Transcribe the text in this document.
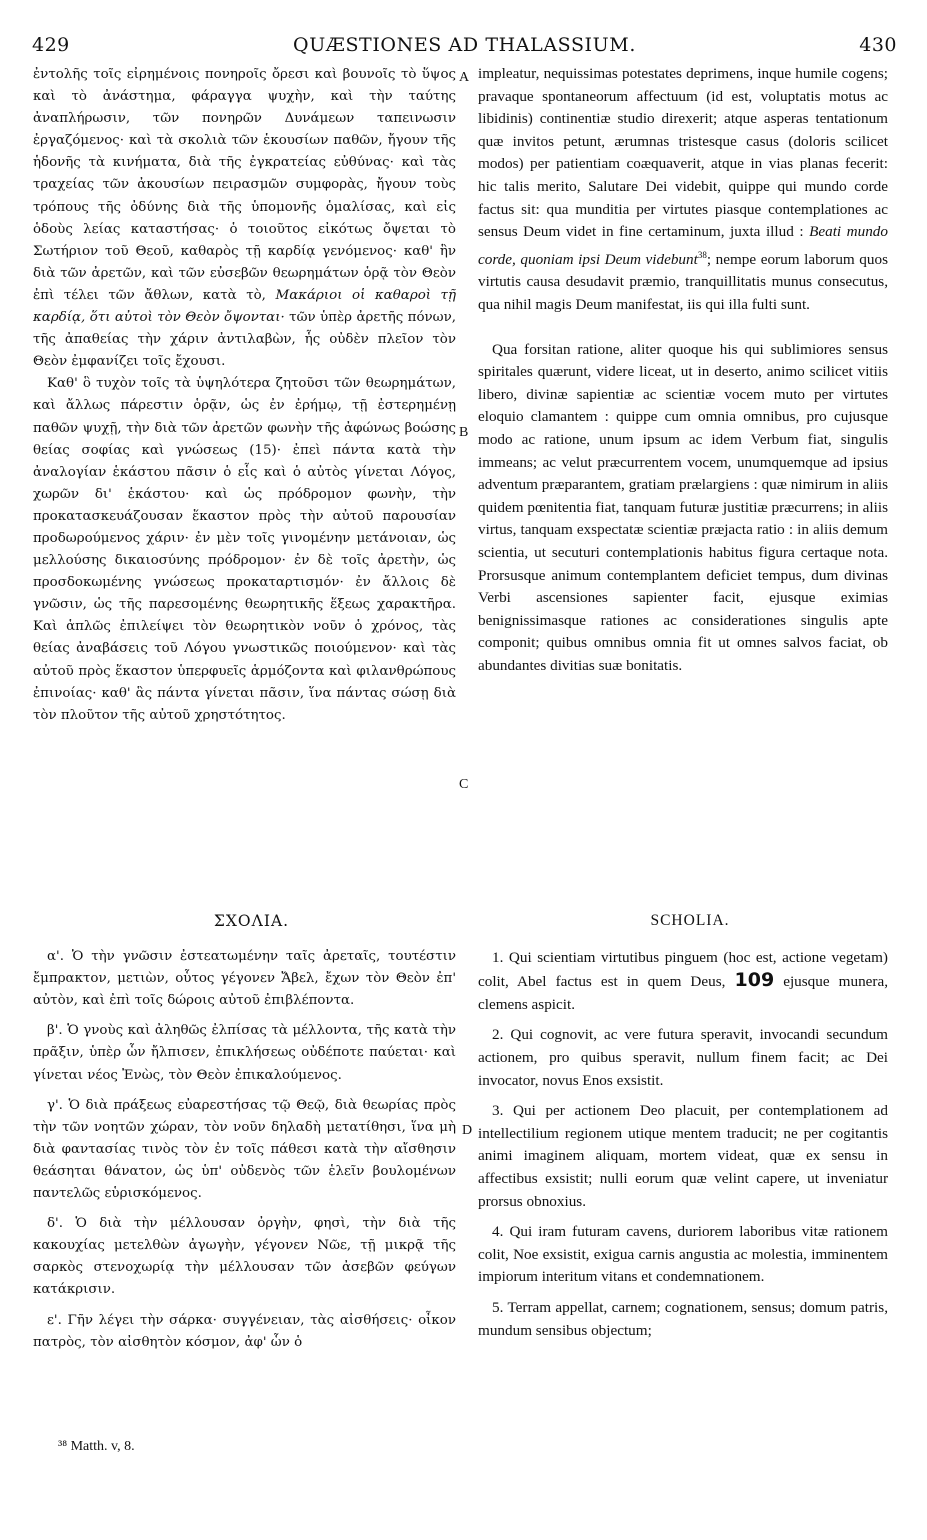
429	QUÆSTIONES AD THALASSIUM.	430

ἐντολῆς τοῖς εἰρημένοις πονηροῖς ὄρεσι καὶ βουνοῖς τὸ ὕψος καὶ τὸ ἀνάστημα, φάραγγα ψυχὴν, καὶ τὴν ταύτης ἀναπλήρωσιν, τῶν πονηρῶν Δυνάμεων ταπεινωσιν ἐργαζόμενος· καὶ τὰ σκολιὰ τῶν ἑκουσίων παθῶν, ἤγουν τῆς ἡδονῆς τὰ κινήματα, διὰ τῆς ἐγκρατείας εὐθύνας· καὶ τὰς τραχείας τῶν ἀκουσίων πειρασμῶν συμφορὰς, ἤγουν τοὺς τρόπους τῆς ὀδύνης διὰ τῆς ὑπομονῆς ὁμαλίσας, καὶ εἰς ὁδοὺς λείας καταστήσας· ὁ τοιοῦτος εἰκότως ὄψεται τὸ Σωτήριον τοῦ Θεοῦ, καθαρὸς τῇ καρδίᾳ γενόμενος· καθ' ἣν διὰ τῶν ἀρετῶν, καὶ τῶν εὐσεβῶν θεωρημάτων ὁρᾷ τὸν Θεὸν ἐπὶ τέλει τῶν ἄθλων, κατὰ τὸ, Μακάριοι οἱ καθαροὶ τῇ καρδίᾳ, ὅτι αὐτοὶ τὸν Θεὸν ὄψονται· τῶν ὑπὲρ ἀρετῆς πόνων, τῆς ἀπαθείας τὴν χάριν ἀντιλαβὼν, ἧς οὐδὲν πλεῖον τὸν Θεὸν ἐμφανίζει τοῖς ἔχουσι.

Καθ' ὃ τυχὸν τοῖς τὰ ὑψηλότερα ζητοῦσι τῶν θεωρημάτων, καὶ ἄλλως πάρεστιν ὁρᾷν, ὡς ἐν ἐρήμῳ, τῇ ἐστερημένῃ παθῶν ψυχῇ, τὴν διὰ τῶν ἀρετῶν φωνὴν τῆς ἀφώνως βοώσης θείας σοφίας καὶ γνώσεως (15)· ἐπεὶ πάντα κατὰ τὴν ἀναλογίαν ἑκάστου πᾶσιν ὁ εἷς καὶ ὁ αὐτὸς γίνεται Λόγος, χωρῶν δι' ἑκάστου· καὶ ὡς πρόδρομον φωνὴν, τὴν προκατασκευάζουσαν ἕκαστον πρὸς τὴν αὐτοῦ παρουσίαν προδωρούμενος χάριν· ἐν μὲν τοῖς γινομένην μετάνοιαν, ὡς μελλούσης δικαιοσύνης πρόδρομον· ἐν δὲ τοῖς ἀρετὴν, ὡς προσδοκωμένης γνώσεως προκαταρτισμόν· ἐν ἄλλοις δὲ γνῶσιν, ὡς τῆς παρεσομένης θεωρητικῆς ἕξεως χαρακτῆρα. Καὶ ἁπλῶς ἐπιλείψει τὸν θεωρητικὸν νοῦν ὁ χρόνος, τὰς θείας ἀναβάσεις τοῦ Λόγου γνωστικῶς ποιούμενον· καὶ τὰς αὐτοῦ πρὸς ἕκαστον ὑπερφυεῖς ἁρμόζοντα καὶ φιλανθρώπους ἐπινοίας· καθ' ἃς πάντα γίνεται πᾶσιν, ἵνα πάντας σώσῃ διὰ τὸν πλοῦτον τῆς αὐτοῦ χρηστότητος.

impleatur, nequissimas potestates deprimens, inque humile cogens; pravaque spontaneorum affectuum (id est, voluptatis motus ac libidinis) continentiæ studio direxerit; atque asperas tentationum quæ invitos petunt, ærumnas tristesque casus (doloris scilicet modos) per patientiam coæquaverit, atque in vias planas fecerit: hic talis merito, Salutare Dei videbit, quippe qui mundo corde factus sit: qua munditia per virtutes piasque contemplationes ac sensus Deum videt in fine certaminum, juxta illud : Beati mundo corde, quoniam ipsi Deum videbunt$^{38}$; nempe eorum laborum quos virtutis causa desudavit præmio, tranquillitatis munus consecutus, qua nihil magis Deum manifestat, iis qui illa fulti sunt.

Qua forsitan ratione, aliter quoque his qui sublimiores sensus spiritales quærunt, videre liceat, ut in deserto, animo scilicet vitiis libero, divinæ sapientiæ ac scientiæ vocem muto per virtutes eloquio clamantem : quippe cum omnia omnibus, pro cujusque modo ac ratione, unum ipsum ac idem Verbum fiat, singulis immeans; ac velut præcurrentem vocem, unumquemque ad ipsius adventum præparantem, gratiam prælargiens : quæ nimirum in aliis quidem pœnitentia fiat, tanquam futuræ justitiæ præcurrens; in aliis virtus, tanquam exspectatæ scientiæ præjacta ratio : in aliis demum scientia, ut secuturi contemplationis habitus figura certaque nota. Prorsusque animum contemplantem deficiet tempus, dum divinas Verbi ascensiones sapienter facit, ejusque eximias benignissimasque rationes ac considerationes singulis apte componit; quibus omnibus omnia fit ut omnes salvos faciat, ob abundantes divitias suæ bonitatis.

ΣΧΟΛΙΑ.

α'. Ὁ τὴν γνῶσιν ἐστεατωμένην ταῖς ἀρεταῖς, τουτέστιν ἔμπρακτον, μετιὼν, οὗτος γέγονεν Ἄβελ, ἔχων τὸν Θεὸν ἐπ' αὐτὸν, καὶ ἐπὶ τοῖς δώροις αὐτοῦ ἐπιβλέποντα.

β'. Ὁ γνοὺς καὶ ἀληθῶς ἐλπίσας τὰ μέλλοντα, τῆς κατὰ τὴν πρᾶξιν, ὑπὲρ ὧν ἤλπισεν, ἐπικλήσεως οὐδέποτε παύεται· καὶ γίνεται νέος Ἐνὼς, τὸν Θεὸν ἐπικαλούμενος.

γ'. Ὁ διὰ πράξεως εὐαρεστήσας τῷ Θεῷ, διὰ θεωρίας πρὸς τὴν τῶν νοητῶν χώραν, τὸν νοῦν δηλαδὴ μετατίθησι, ἵνα μὴ διὰ φαντασίας τινὸς τὸν ἐν τοῖς πάθεσι κατὰ τὴν αἴσθησιν θεάσηται θάνατον, ὡς ὑπ' οὐδενὸς τῶν ἑλεῖν βουλομένων παντελῶς εὑρισκόμενος.

δ'. Ὁ διὰ τὴν μέλλουσαν ὀργὴν, φησὶ, τὴν διὰ τῆς κακουχίας μετελθὼν ἀγωγὴν, γέγονεν Νῶε, τῇ μικρᾷ τῆς σαρκὸς στενοχωρίᾳ τὴν μέλλουσαν τῶν ἀσεβῶν φεύγων κατάκρισιν.

ε'. Γῆν λέγει τὴν σάρκα· συγγένειαν, τὰς αἰσθήσεις· οἶκον πατρὸς, τὸν αἰσθητὸν κόσμον, ἀφ' ὧν ὁ

SCHOLIA.

1. Qui scientiam virtutibus pinguem (hoc est, actione vegetam) colit, Abel factus est in quem Deus, 109 ejusque munera, clemens aspicit.

2. Qui cognovit, ac vere futura speravit, invocandi secundum actionem, pro quibus speravit, nullum finem facit; ac Dei invocator, novus Enos exsistit.

3. Qui per actionem Deo placuit, per contemplationem ad intellectilium regionem utique mentem traducit; ne per cogitantis animi imaginem aliquam, mortem videat, quæ ex sensu in affectibus exsistit; nulli eorum quæ velint capere, ut inveniatur prorsus obnoxius.

4. Qui iram futuram cavens, duriorem laboribus vitæ rationem colit, Noe exsistit, exigua carnis angustia ac molestia, imminentem impiorum interitum vitans et condemnationem.

5. Terram appellat, carnem; cognationem, sensus; domum patris, mundum sensibus objectum;

A
B
C
D
³⁸ Matth. v, 8.
